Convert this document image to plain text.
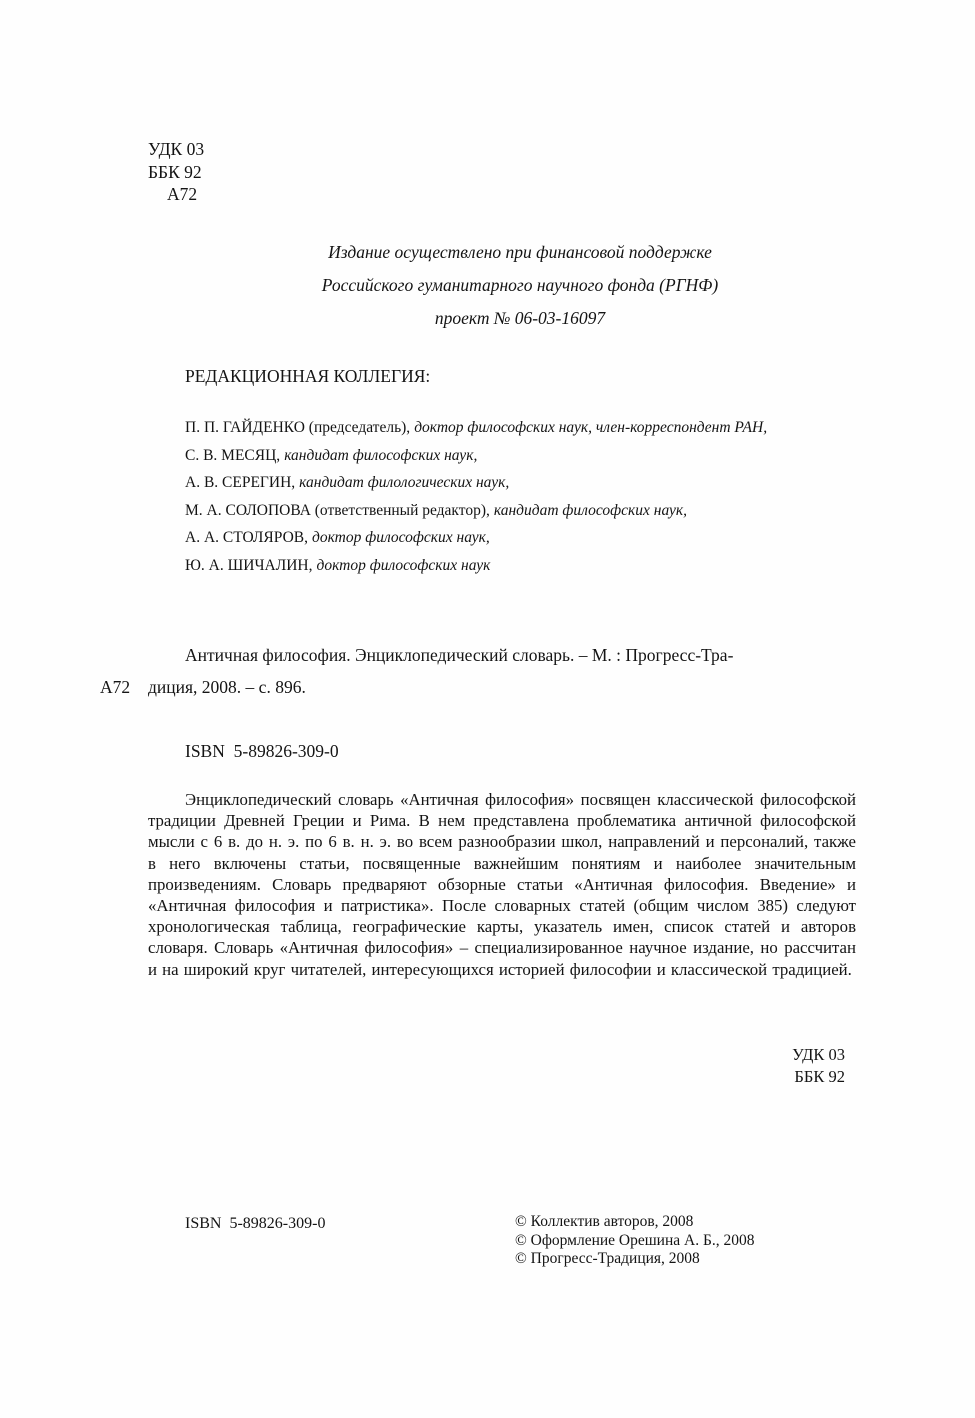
УДК 03
ББК 92
А72
Издание осуществлено при финансовой поддержке
Российского гуманитарного научного фонда (РГНФ)
проект № 06-03-16097
РЕДАКЦИОННАЯ КОЛЛЕГИЯ:
П. П. ГАЙДЕНКО (председатель), доктор философских наук, член-корреспондент РАН,
С. В. МЕСЯЦ, кандидат философских наук,
А. В. СЕРЕГИН, кандидат филологических наук,
М. А. СОЛОПОВА (ответственный редактор), кандидат философских наук,
А. А. СТОЛЯРОВ, доктор философских наук,
Ю. А. ШИЧАЛИН, доктор философских наук
Античная философия. Энциклопедический словарь. – М. : Прогресс-Тра-
А72 диция, 2008. – с. 896.
ISBN  5-89826-309-0
Энциклопедический словарь «Античная философия» посвящен классической философской традиции Древней Греции и Рима. В нем представлена проблематика античной философской мысли с 6 в. до н. э. по 6 в. н. э. во всем разнообразии школ, направлений и персоналий, также в него включены статьи, посвященные важнейшим понятиям и наиболее значительным произведениям. Словарь предваряют обзорные статьи «Античная философия. Введение» и «Античная философия и патристика». После словарных статей (общим числом 385) следуют хронологическая таблица, географические карты, указатель имен, список статей и авторов словаря. Словарь «Античная философия» – специализированное научное издание, но рассчитан и на широкий круг читателей, интересующихся историей философии и классической традицией.
УДК 03
ББК 92
ISBN  5-89826-309-0	© Коллектив авторов, 2008
© Оформление Орешина А. Б., 2008
© Прогресс-Традиция, 2008
